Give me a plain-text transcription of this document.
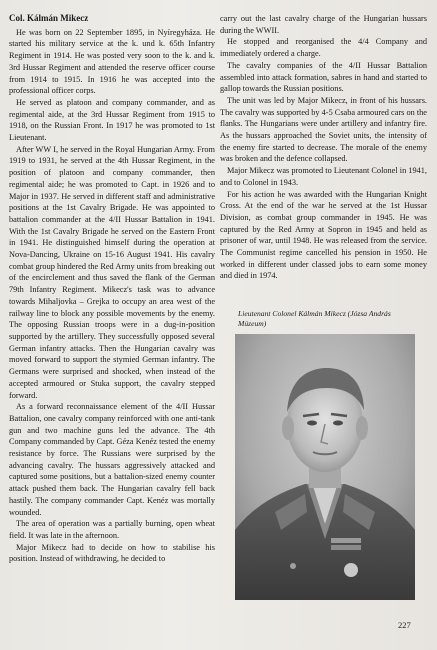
Col. Kálmán Mikecz

He was born on 22 September 1895, in Nyíregyháza. He started his military service at the k. und k. 65th Infantry Regiment in 1914. He was posted very soon to the k. and k. 3rd Hussar Regiment and attended the reserve officer course from 1914 to 1915. In 1916 he was accepted into the professional officer corps.

He served as platoon and company commander, and as regimental aide, at the 3rd Hussar Regiment from 1915 to 1918, on the Russian Front. In 1917 he was promoted to 1st Lieutenant.

After WW I, he served in the Royal Hungarian Army. From 1919 to 1931, he served at the 4th Hussar Regiment, in the position of platoon and company commander, then regimental aide; he was promoted to Capt. in 1926 and to Major in 1937. He served in different staff and administrative positions at the 1st Cavalry Brigade. He was appointed to battalion commander at the 4/II Hussar Battalion in 1941. With the 1st Cavalry Brigade he served on the Eastern Front in 1941. He distinguished himself during the operation at Nova-Dancing, Ukraine on 15-16 August 1941. His cavalry combat group hindered the Red Army units from breaking out of the encirclement and thus saved the flank of the German 79th Infantry Regiment. Mikecz's task was to advance towards Mihaljovka – Grejka to occupy an area west of the railway line to block any possible movements by the enemy. The opposing Russian troops were in a dug-in-position supported by the artillery. They successfully opposed several German infantry attacks. Then the Hungarian cavalry was moved forward to support the stymied German infantry. The Germans were surprised and shocked, when instead of the accepted armoured or Stuka support, the cavalry stepped forward.

As a forward reconnaissance element of the 4/II Hussar Battalion, one cavalry company reinforced with one anti-tank gun and two machine guns led the advance. The 4th Company commanded by Capt. Géza Kenéz tested the enemy resistance by force. The Russians were surprised by the advancing cavalry. The hussars aggressively attacked and captured some positions, but a battalion-sized enemy counter attack pushed them back. The Hungarian cavalry fell back hastily. The company commander Capt. Kenéz was mortally wounded.

The area of operation was a partially burning, open wheat field. It was late in the afternoon.

Major Mikecz had to decide on how to stabilise his position. Instead of withdrawing, he decided to

carry out the last cavalry charge of the Hungarian hussars during the WWII.

He stopped and reorganised the 4/4 Company and immediately ordered a charge.

The cavalry companies of the 4/II Hussar Battalion assembled into attack formation, sabres in hand and started to gallop towards the Russian positions.

The unit was led by Major Mikecz, in front of his hussars. The cavalry was supported by 4-5 Csaba armoured cars on the flanks. The Hungarians were under artillery and infantry fire. As the hussars approached the Soviet units, the intensity of the enemy fire started to decrease. The morale of the enemy was broken and the defence collapsed.

Major Mikecz was promoted to Lieutenant Colonel in 1941, and to Colonel in 1943.

For his action he was awarded with the Hungarian Knight Cross. At the end of the war he served at the 1st Hussar Division, as combat group commander in 1945. He was captured by the Red Army at Sopron in 1945 and held as prisoner of war, until 1948. He was released from the service. The Communist regime cancelled his pension in 1950. He worked in different under classed jobs to earn some money and died in 1974.

Lieutenant Colonel Kálmán Mikecz (Józsa András Múzeum)
227
